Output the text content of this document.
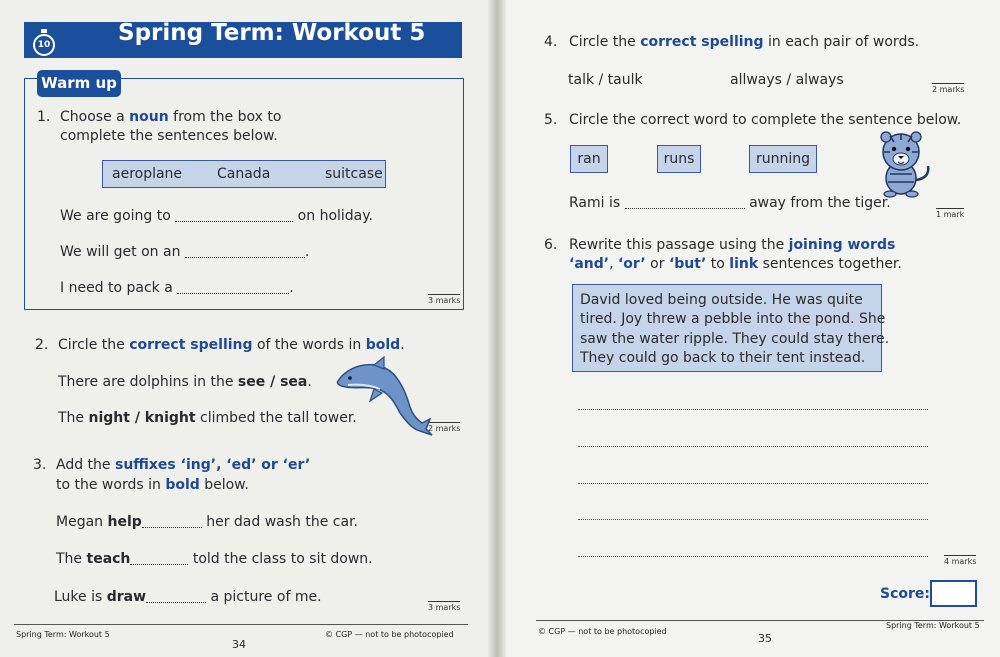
10	Spring Term: Workout 5
Warm up
1. Choose a noun from the box to
complete the sentences below.
aeroplane Canada	suitcase
We are going to	on holiday.
We will get on an	.
I need to pack a	.
3 marks
2. Circle the correct spelling of the words in bold.
There are dolphins in the see / sea.
The night / knight climbed the tall tower.
2 marks
3. Add the suffixes ‘ing’, ‘ed’ or ‘er’
to the words in bold below.
Megan help	her dad wash the car.
The teach	told the class to sit down.
Luke is draw	a picture of me.
3 marks
Spring Term: Workout 5
34
© CGP — not to be photocopied
4. Circle the correct spelling in each pair of words.
talk / taulk	allways / always
2 marks
5. Circle the correct word to complete the sentence below.
ran	runs	running
Rami is	away from the tiger.
1 mark
6. Rewrite this passage using the joining words
‘and’, ‘or’ or ‘but’ to link sentences together.
David loved being outside. He was quite
tired. Joy threw a pebble into the pond. She
saw the water ripple. They could stay there.
They could go back to their tent instead.
4 marks
Score:
© CGP — not to be photocopied
35
Spring Term: Workout 5
